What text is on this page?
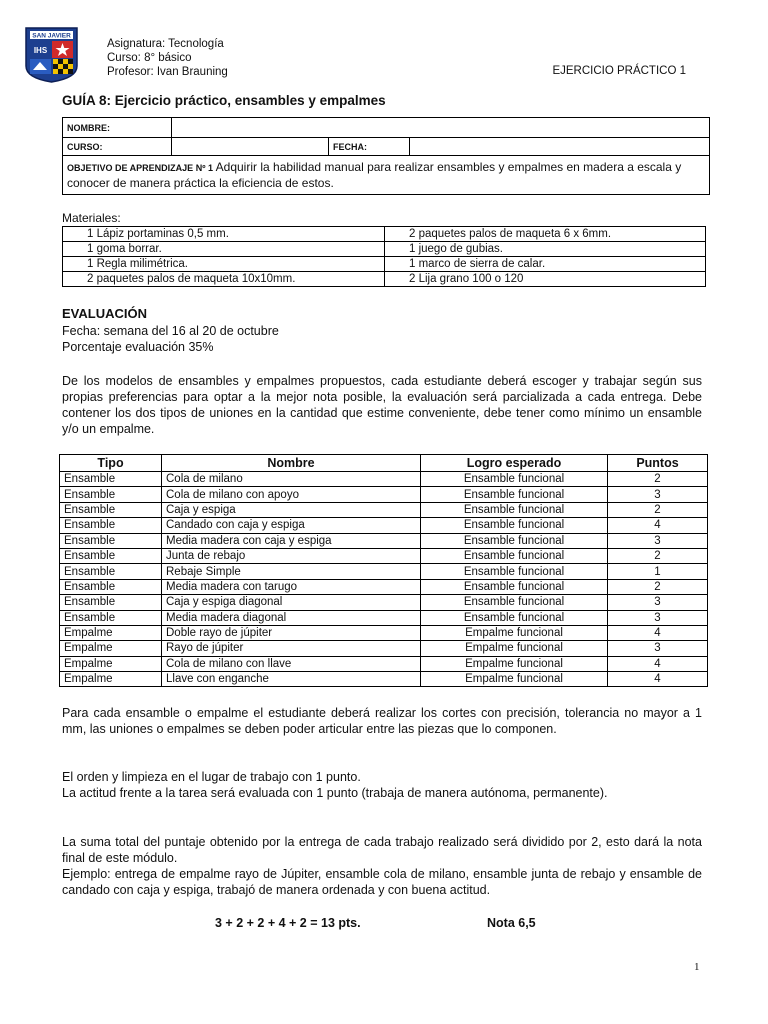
SAN JAVIER
IHS
Asignatura: Tecnología
Curso: 8° básico
Profesor: Ivan Brauning	EJERCICIO PRÁCTICO 1
GUÍA 8: Ejercicio práctico, ensambles y empalmes
NOMBRE:			
CURSO:		FECHA:	
OBJETIVO DE APRENDIZAJE Nº 1 Adquirir la habilidad manual para realizar ensambles y empalmes en madera a escala y conocer de manera práctica la eficiencia de estos.			
Materiales:
1 Lápiz portaminas 0,5 mm.	2 paquetes palos de maqueta 6 x 6mm.
1 goma borrar.	1 juego de gubias.
1 Regla milimétrica.	1 marco de sierra de calar.
2 paquetes palos de maqueta 10x10mm.	2 Lija grano 100 o 120
EVALUACIÓN
Fecha: semana del 16 al 20 de octubre
Porcentaje evaluación 35%
De los modelos de ensambles y empalmes propuestos, cada estudiante deberá escoger y trabajar según sus propias preferencias para optar a la mejor nota posible, la evaluación será parcializada a cada entrega. Debe contener los dos tipos de uniones en la cantidad que estime conveniente, debe tener como mínimo un ensamble y/o un empalme.
Tipo	Nombre	Logro esperado	Puntos
Ensamble	Cola de milano	Ensamble funcional	2
Ensamble	Cola de milano con apoyo	Ensamble funcional	3
Ensamble	Caja y espiga	Ensamble funcional	2
Ensamble	Candado con caja y espiga	Ensamble funcional	4
Ensamble	Media madera con caja y espiga	Ensamble funcional	3
Ensamble	Junta de rebajo	Ensamble funcional	2
Ensamble	Rebaje Simple	Ensamble funcional	1
Ensamble	Media madera con tarugo	Ensamble funcional	2
Ensamble	Caja y espiga diagonal	Ensamble funcional	3
Ensamble	Media madera diagonal	Ensamble funcional	3
Empalme	Doble rayo de júpiter	Empalme funcional	4
Empalme	Rayo de júpiter	Empalme funcional	3
Empalme	Cola de milano con llave	Empalme funcional	4
Empalme	Llave con enganche	Empalme funcional	4
Para cada ensamble o empalme el estudiante deberá realizar los cortes con precisión, tolerancia no mayor a 1 mm, las uniones o empalmes se deben poder articular entre las piezas que lo componen.
El orden y limpieza en el lugar de trabajo con 1 punto.
La actitud frente a la tarea será evaluada con 1 punto (trabaja de manera autónoma, permanente).
La suma total del puntaje obtenido por la entrega de cada trabajo realizado será dividido por 2, esto dará la nota final de este módulo.
Ejemplo: entrega de empalme rayo de Júpiter, ensamble cola de milano, ensamble junta de rebajo y ensamble de candado con caja y espiga, trabajó de manera ordenada y con buena actitud.
3 + 2 + 2 + 4 + 2 = 13 pts.	Nota 6,5
1
